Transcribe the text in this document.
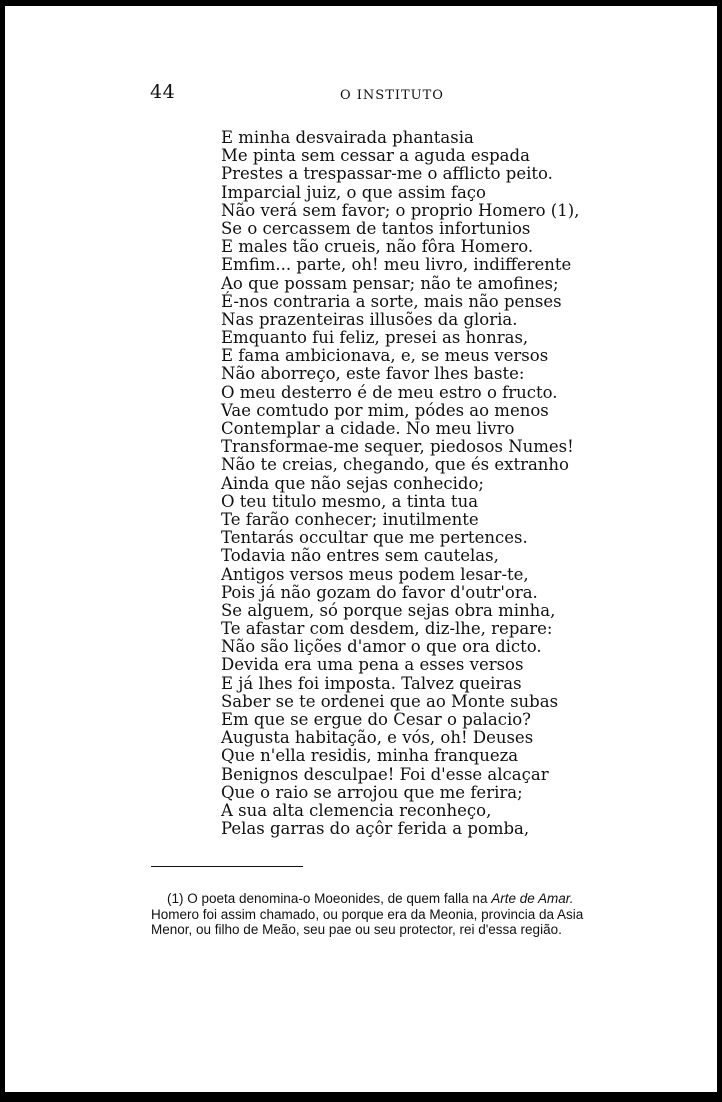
44	O INSTITUTO
E minha desvairada phantasia
Me pinta sem cessar a aguda espada
Prestes a trespassar-me o afflicto peito.
Imparcial juiz, o que assim faço
Não verá sem favor; o proprio Homero (1),
Se o cercassem de tantos infortunios
E males tão crueis, não fôra Homero.
Emfim... parte, oh! meu livro, indifferente
Ao que possam pensar; não te amofines;
É-nos contraria a sorte, mais não penses
Nas prazenteiras illusões da gloria.
Emquanto fui feliz, presei as honras,
E fama ambicionava, e, se meus versos
Não aborreço, este favor lhes baste:
O meu desterro é de meu estro o fructo.
Vae comtudo por mim, pódes ao menos
Contemplar a cidade. No meu livro
Transformae-me sequer, piedosos Numes!
Não te creias, chegando, que és extranho
Ainda que não sejas conhecido;
O teu titulo mesmo, a tinta tua
Te farão conhecer; inutilmente
Tentarás occultar que me pertences.
Todavia não entres sem cautelas,
Antigos versos meus podem lesar-te,
Pois já não gozam do favor d'outr'ora.
Se alguem, só porque sejas obra minha,
Te afastar com desdem, diz-lhe, repare:
Não são lições d'amor o que ora dicto.
Devida era uma pena a esses versos
E já lhes foi imposta. Talvez queiras
Saber se te ordenei que ao Monte subas
Em que se ergue do Cesar o palacio?
Augusta habitação, e vós, oh! Deuses
Que n'ella residis, minha franqueza
Benignos desculpae! Foi d'esse alcaçar
Que o raio se arrojou que me ferira;
A sua alta clemencia reconheço,
Pelas garras do açôr ferida a pomba,

(1) O poeta denomina-o Moeonides, de quem falla na Arte de Amar.

Homero foi assim chamado, ou porque era da Meonia, provincia da Asia

Menor, ou filho de Meão, seu pae ou seu protector, rei d'essa região.
